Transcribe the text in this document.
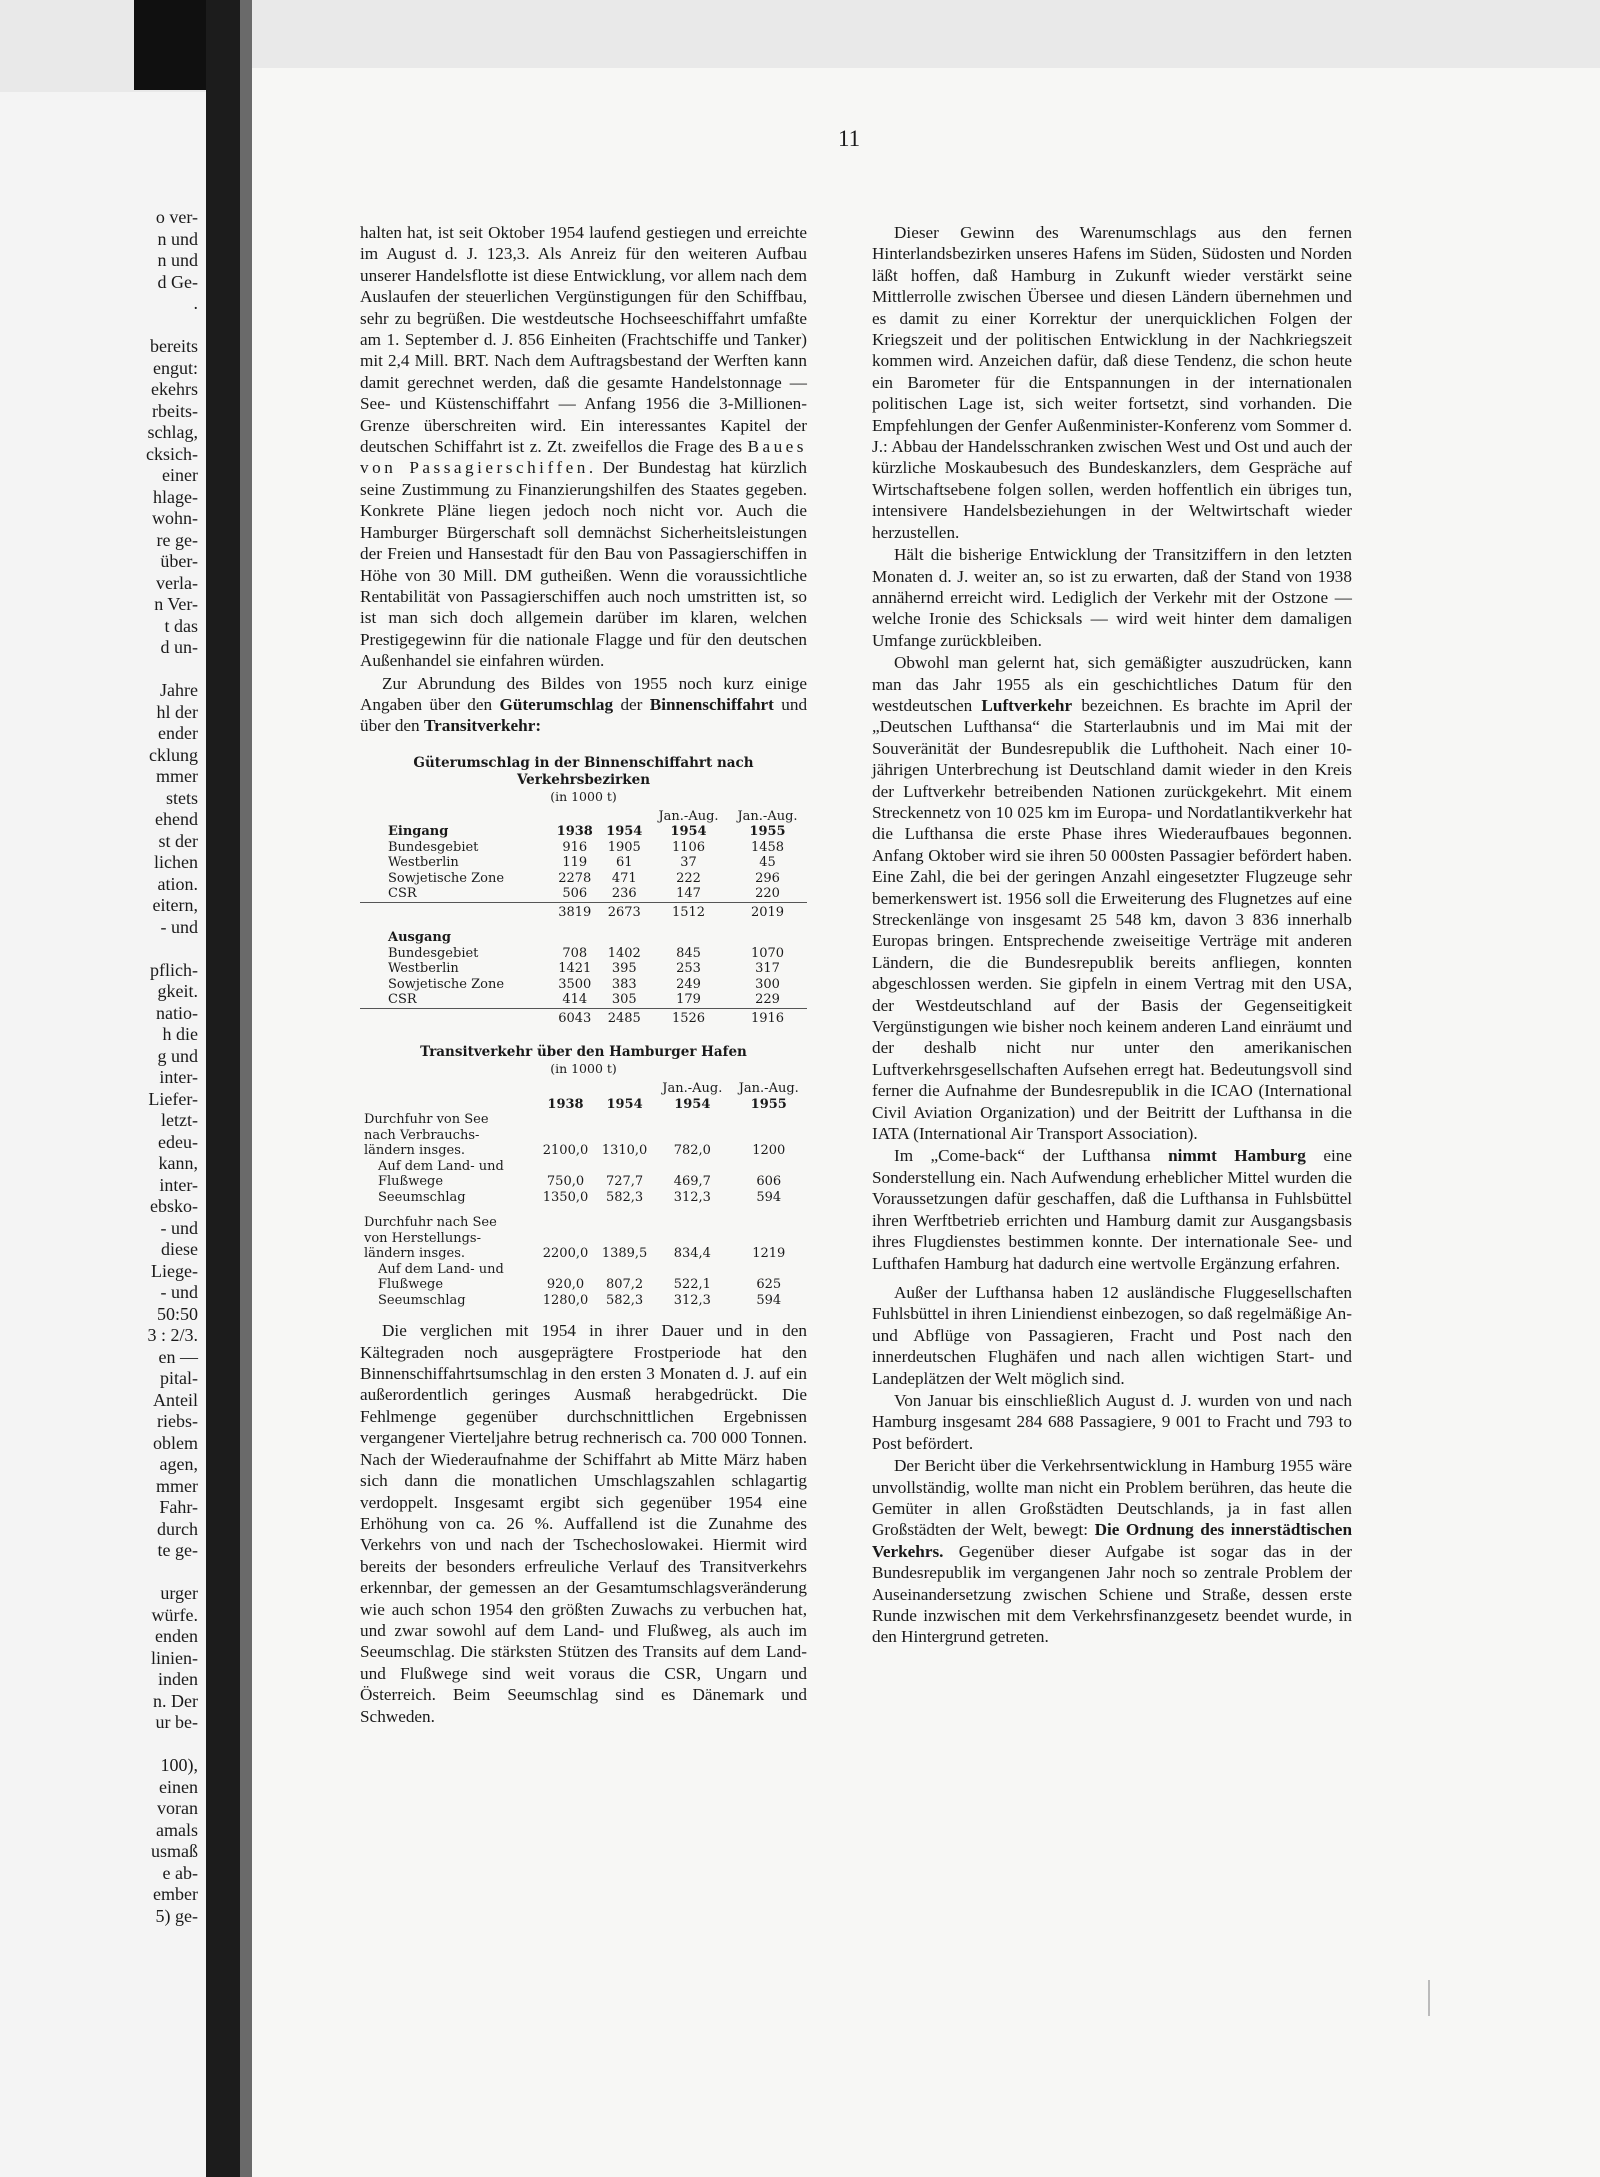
o ver-
n und
n und
d Ge-
.
bereits
engut:
ekehrs
rbeits-
schlag,
cksich-
einer
hlage-
wohn-
re ge-
über-
verla-
n Ver-
t das
d un-
Jahre
hl der
ender
cklung
mmer
stets
ehend
st der
lichen
ation.
eitern,
- und
pflich-
gkeit.
natio-
h die
g und
inter-
Liefer-
letzt-
edeu-
kann,
inter-
ebsko-
- und
diese
Liege-
- und
50:50
3 : 2/3.
en —
pital-
Anteil
riebs-
oblem
agen,
mmer
Fahr-
durch
te ge-
urger
würfe.
enden
linien-
inden
n. Der
ur be-
100),
einen
voran
amals
usmaß
e ab-
ember
5) ge-
11

halten hat, ist seit Oktober 1954 laufend gestiegen und erreichte im August d. J. 123,3. Als Anreiz für den weiteren Aufbau unserer Handelsflotte ist diese Entwicklung, vor allem nach dem Auslaufen der steuerlichen Vergünstigungen für den Schiffbau, sehr zu begrüßen. Die westdeutsche Hochseeschiffahrt umfaßte am 1. September d. J. 856 Einheiten (Frachtschiffe und Tanker) mit 2,4 Mill. BRT. Nach dem Auftragsbestand der Werften kann damit gerechnet werden, daß die gesamte Handelstonnage — See- und Küstenschiffahrt — Anfang 1956 die 3-Millionen-Grenze überschreiten wird. Ein interessantes Kapitel der deutschen Schiffahrt ist z. Zt. zweifellos die Frage des Baues von Passagierschiffen. Der Bundestag hat kürzlich seine Zustimmung zu Finanzierungshilfen des Staates gegeben. Konkrete Pläne liegen jedoch noch nicht vor. Auch die Hamburger Bürgerschaft soll demnächst Sicherheitsleistungen der Freien und Hansestadt für den Bau von Passagierschiffen in Höhe von 30 Mill. DM gutheißen. Wenn die voraussichtliche Rentabilität von Passagierschiffen auch noch umstritten ist, so ist man sich doch allgemein darüber im klaren, welchen Prestigegewinn für die nationale Flagge und für den deutschen Außenhandel sie einfahren würden.

Zur Abrundung des Bildes von 1955 noch kurz einige Angaben über den Güterumschlag der Binnenschiffahrt und über den Transitverkehr:

Güterumschlag in der Binnenschiffahrt nach Verkehrsbezirken
(in 1000 t)
			Jan.-Aug.	Jan.-Aug.
Eingang	1938	1954	1954	1955
Bundesgebiet	916	1905	1106	1458
Westberlin	119	61	37	45
Sowjetische Zone	2278	471	222	296
CSR	506	236	147	220
	3819	2673	1512	2019

Ausgang				
Bundesgebiet	708	1402	845	1070
Westberlin	1421	395	253	317
Sowjetische Zone	3500	383	249	300
CSR	414	305	179	229
	6043	2485	1526	1916
Transitverkehr über den Hamburger Hafen
(in 1000 t)
			Jan.-Aug.	Jan.-Aug.
	1938	1954	1954	1955
Durchfuhr von See
nach Verbrauchs-
ländern insges.	2100,0	1310,0	782,0	1200
Auf dem Land- und
Flußwege	750,0	727,7	469,7	606
Seeumschlag	1350,0	582,3	312,3	594

Durchfuhr nach See
von Herstellungs-
ländern insges.	2200,0	1389,5	834,4	1219
Auf dem Land- und
Flußwege	920,0	807,2	522,1	625
Seeumschlag	1280,0	582,3	312,3	594

Die verglichen mit 1954 in ihrer Dauer und in den Kältegraden noch ausgeprägtere Frostperiode hat den Binnenschiffahrtsumschlag in den ersten 3 Monaten d. J. auf ein außerordentlich geringes Ausmaß herabgedrückt. Die Fehlmenge gegenüber durchschnittlichen Ergebnissen vergangener Vierteljahre betrug rechnerisch ca. 700 000 Tonnen. Nach der Wiederaufnahme der Schiffahrt ab Mitte März haben sich dann die monatlichen Umschlagszahlen schlagartig verdoppelt. Insgesamt ergibt sich gegenüber 1954 eine Erhöhung von ca. 26 %. Auffallend ist die Zunahme des Verkehrs von und nach der Tschechoslowakei. Hiermit wird bereits der besonders erfreuliche Verlauf des Transitverkehrs erkennbar, der gemessen an der Gesamtumschlagsveränderung wie auch schon 1954 den größten Zuwachs zu verbuchen hat, und zwar sowohl auf dem Land- und Flußweg, als auch im Seeumschlag. Die stärksten Stützen des Transits auf dem Land- und Flußwege sind weit voraus die CSR, Ungarn und Österreich. Beim Seeumschlag sind es Dänemark und Schweden.

Dieser Gewinn des Warenumschlags aus den fernen Hinterlandsbezirken unseres Hafens im Süden, Südosten und Norden läßt hoffen, daß Hamburg in Zukunft wieder verstärkt seine Mittlerrolle zwischen Übersee und diesen Ländern übernehmen und es damit zu einer Korrektur der unerquicklichen Folgen der Kriegszeit und der politischen Entwicklung in der Nachkriegszeit kommen wird. Anzeichen dafür, daß diese Tendenz, die schon heute ein Barometer für die Entspannungen in der internationalen politischen Lage ist, sich weiter fortsetzt, sind vorhanden. Die Empfehlungen der Genfer Außenminister-Konferenz vom Sommer d. J.: Abbau der Handelsschranken zwischen West und Ost und auch der kürzliche Moskaubesuch des Bundeskanzlers, dem Gespräche auf Wirtschaftsebene folgen sollen, werden hoffentlich ein übriges tun, intensivere Handelsbeziehungen in der Weltwirtschaft wieder herzustellen.

Hält die bisherige Entwicklung der Transitziffern in den letzten Monaten d. J. weiter an, so ist zu erwarten, daß der Stand von 1938 annähernd erreicht wird. Lediglich der Verkehr mit der Ostzone — welche Ironie des Schicksals — wird weit hinter dem damaligen Umfange zurückbleiben.

Obwohl man gelernt hat, sich gemäßigter auszudrücken, kann man das Jahr 1955 als ein geschichtliches Datum für den westdeutschen Luftverkehr bezeichnen. Es brachte im April der „Deutschen Lufthansa“ die Starterlaubnis und im Mai mit der Souveränität der Bundesrepublik die Lufthoheit. Nach einer 10-jährigen Unterbrechung ist Deutschland damit wieder in den Kreis der Luftverkehr betreibenden Nationen zurückgekehrt. Mit einem Streckennetz von 10 025 km im Europa- und Nordatlantikverkehr hat die Lufthansa die erste Phase ihres Wiederaufbaues begonnen. Anfang Oktober wird sie ihren 50 000sten Passagier befördert haben. Eine Zahl, die bei der geringen Anzahl eingesetzter Flugzeuge sehr bemerkenswert ist. 1956 soll die Erweiterung des Flugnetzes auf eine Streckenlänge von insgesamt 25 548 km, davon 3 836 innerhalb Europas bringen. Entsprechende zweiseitige Verträge mit anderen Ländern, die die Bundesrepublik bereits anfliegen, konnten abgeschlossen werden. Sie gipfeln in einem Vertrag mit den USA, der Westdeutschland auf der Basis der Gegenseitigkeit Vergünstigungen wie bisher noch keinem anderen Land einräumt und der deshalb nicht nur unter den amerikanischen Luftverkehrsgesellschaften Aufsehen erregt hat. Bedeutungsvoll sind ferner die Aufnahme der Bundesrepublik in die ICAO (International Civil Aviation Organization) und der Beitritt der Lufthansa in die IATA (International Air Transport Association).

Im „Come-back“ der Lufthansa nimmt Hamburg eine Sonderstellung ein. Nach Aufwendung erheblicher Mittel wurden die Voraussetzungen dafür geschaffen, daß die Lufthansa in Fuhlsbüttel ihren Werftbetrieb errichten und Hamburg damit zur Ausgangsbasis ihres Flugdienstes bestimmen konnte. Der internationale See- und Lufthafen Hamburg hat dadurch eine wertvolle Ergänzung erfahren.

Außer der Lufthansa haben 12 ausländische Fluggesellschaften Fuhlsbüttel in ihren Liniendienst einbezogen, so daß regelmäßige An- und Abflüge von Passagieren, Fracht und Post nach den innerdeutschen Flughäfen und nach allen wichtigen Start- und Landeplätzen der Welt möglich sind.

Von Januar bis einschließlich August d. J. wurden von und nach Hamburg insgesamt 284 688 Passagiere, 9 001 to Fracht und 793 to Post befördert.

Der Bericht über die Verkehrsentwicklung in Hamburg 1955 wäre unvollständig, wollte man nicht ein Problem berühren, das heute die Gemüter in allen Großstädten Deutschlands, ja in fast allen Großstädten der Welt, bewegt: Die Ordnung des innerstädtischen Verkehrs. Gegenüber dieser Aufgabe ist sogar das in der Bundesrepublik im vergangenen Jahr noch so zentrale Problem der Auseinandersetzung zwischen Schiene und Straße, dessen erste Runde inzwischen mit dem Verkehrsfinanzgesetz beendet wurde, in den Hintergrund getreten.
